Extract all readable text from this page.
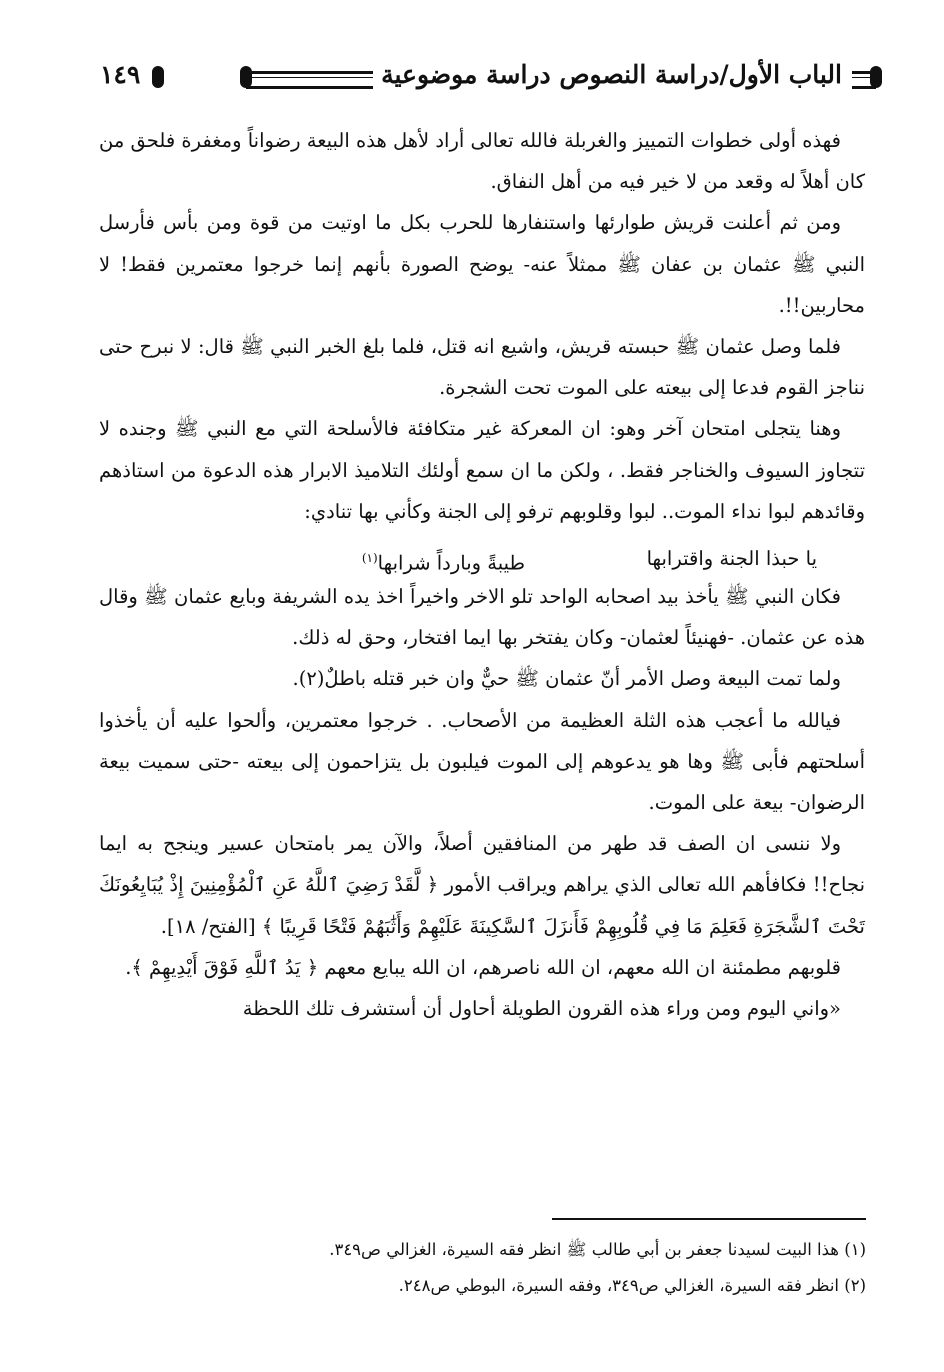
الباب الأول/دراسة النصوص دراسة موضوعية
١٤٩

فهذه أولى خطوات التمييز والغربلة فالله تعالى أراد لأهل هذه البيعة رضواناً ومغفرة فلحق من كان أهلاً له وقعد من لا خير فيه من أهل النفاق.

ومن ثم أعلنت قريش طوارئها واستنفارها للحرب بكل ما اوتيت من قوة ومن بأس فأرسل النبي ﷺ عثمان بن عفان ﷺ ممثلاً عنه- يوضح الصورة بأنهم إنما خرجوا معتمرين فقط! لا محاربين!!.

فلما وصل عثمان ﷺ حبسته قريش، واشيع انه قتل، فلما بلغ الخبر النبي ﷺ قال: لا نبرح حتى نناجز القوم فدعا إلى بيعته على الموت تحت الشجرة.

وهنا يتجلى امتحان آخر وهو: ان المعركة غير متكافئة فالأسلحة التي مع النبي ﷺ وجنده لا تتجاوز السيوف والخناجر فقط. ، ولكن ما ان سمع أولئك التلاميذ الابرار هذه الدعوة من استاذهم وقائدهم لبوا نداء الموت.. لبوا وقلوبهم ترفو إلى الجنة وكأني بها تنادي:

يا حبذا الجنة واقترابها
طيبةً وبارداً شرابها$^{(١)}$

فكان النبي ﷺ يأخذ بيد اصحابه الواحد تلو الاخر واخيراً اخذ يده الشريفة وبايع عثمان ﷺ وقال هذه عن عثمان. -فهنيئاً لعثمان- وكان يفتخر بها ايما افتخار، وحق له ذلك.

ولما تمت البيعة وصل الأمر أنّ عثمان ﷺ حيٌّ وان خبر قتله باطلٌ(٢).

فيالله ما أعجب هذه الثلة العظيمة من الأصحاب. . خرجوا معتمرين، وألحوا عليه أن يأخذوا أسلحتهم فأبى ﷺ وها هو يدعوهم إلى الموت فيلبون بل يتزاحمون إلى بيعته -حتى سميت بيعة الرضوان- بيعة على الموت.

ولا ننسى ان الصف قد طهر من المنافقين أصلاً، والآن يمر بامتحان عسير وينجح به ايما نجاح!! فكافأهم الله تعالى الذي يراهم ويراقب الأمور ﴿ لَّقَدْ رَضِيَ ٱللَّهُ عَنِ ٱلْمُؤْمِنِينَ إِذْ يُبَايِعُونَكَ تَحْتَ ٱلشَّجَرَةِ فَعَلِمَ مَا فِي قُلُوبِهِمْ فَأَنزَلَ ٱلسَّكِينَةَ عَلَيْهِمْ وَأَثَٰبَهُمْ فَتْحًا قَرِيبًا ﴾ [الفتح/ ١٨].

قلوبهم مطمئنة ان الله معهم، ان الله ناصرهم، ان الله يبايع معهم ﴿ يَدُ ٱللَّهِ فَوْقَ أَيْدِيهِمْ ﴾.

«واني اليوم ومن وراء هذه القرون الطويلة أحاول أن أستشرف تلك اللحظة

(١) هذا البيت لسيدنا جعفر بن أبي طالب ﷺ انظر فقه السيرة، الغزالي ص٣٤٩.

(٢) انظر فقه السيرة، الغزالي ص٣٤٩، وفقه السيرة، البوطي ص٢٤٨.
